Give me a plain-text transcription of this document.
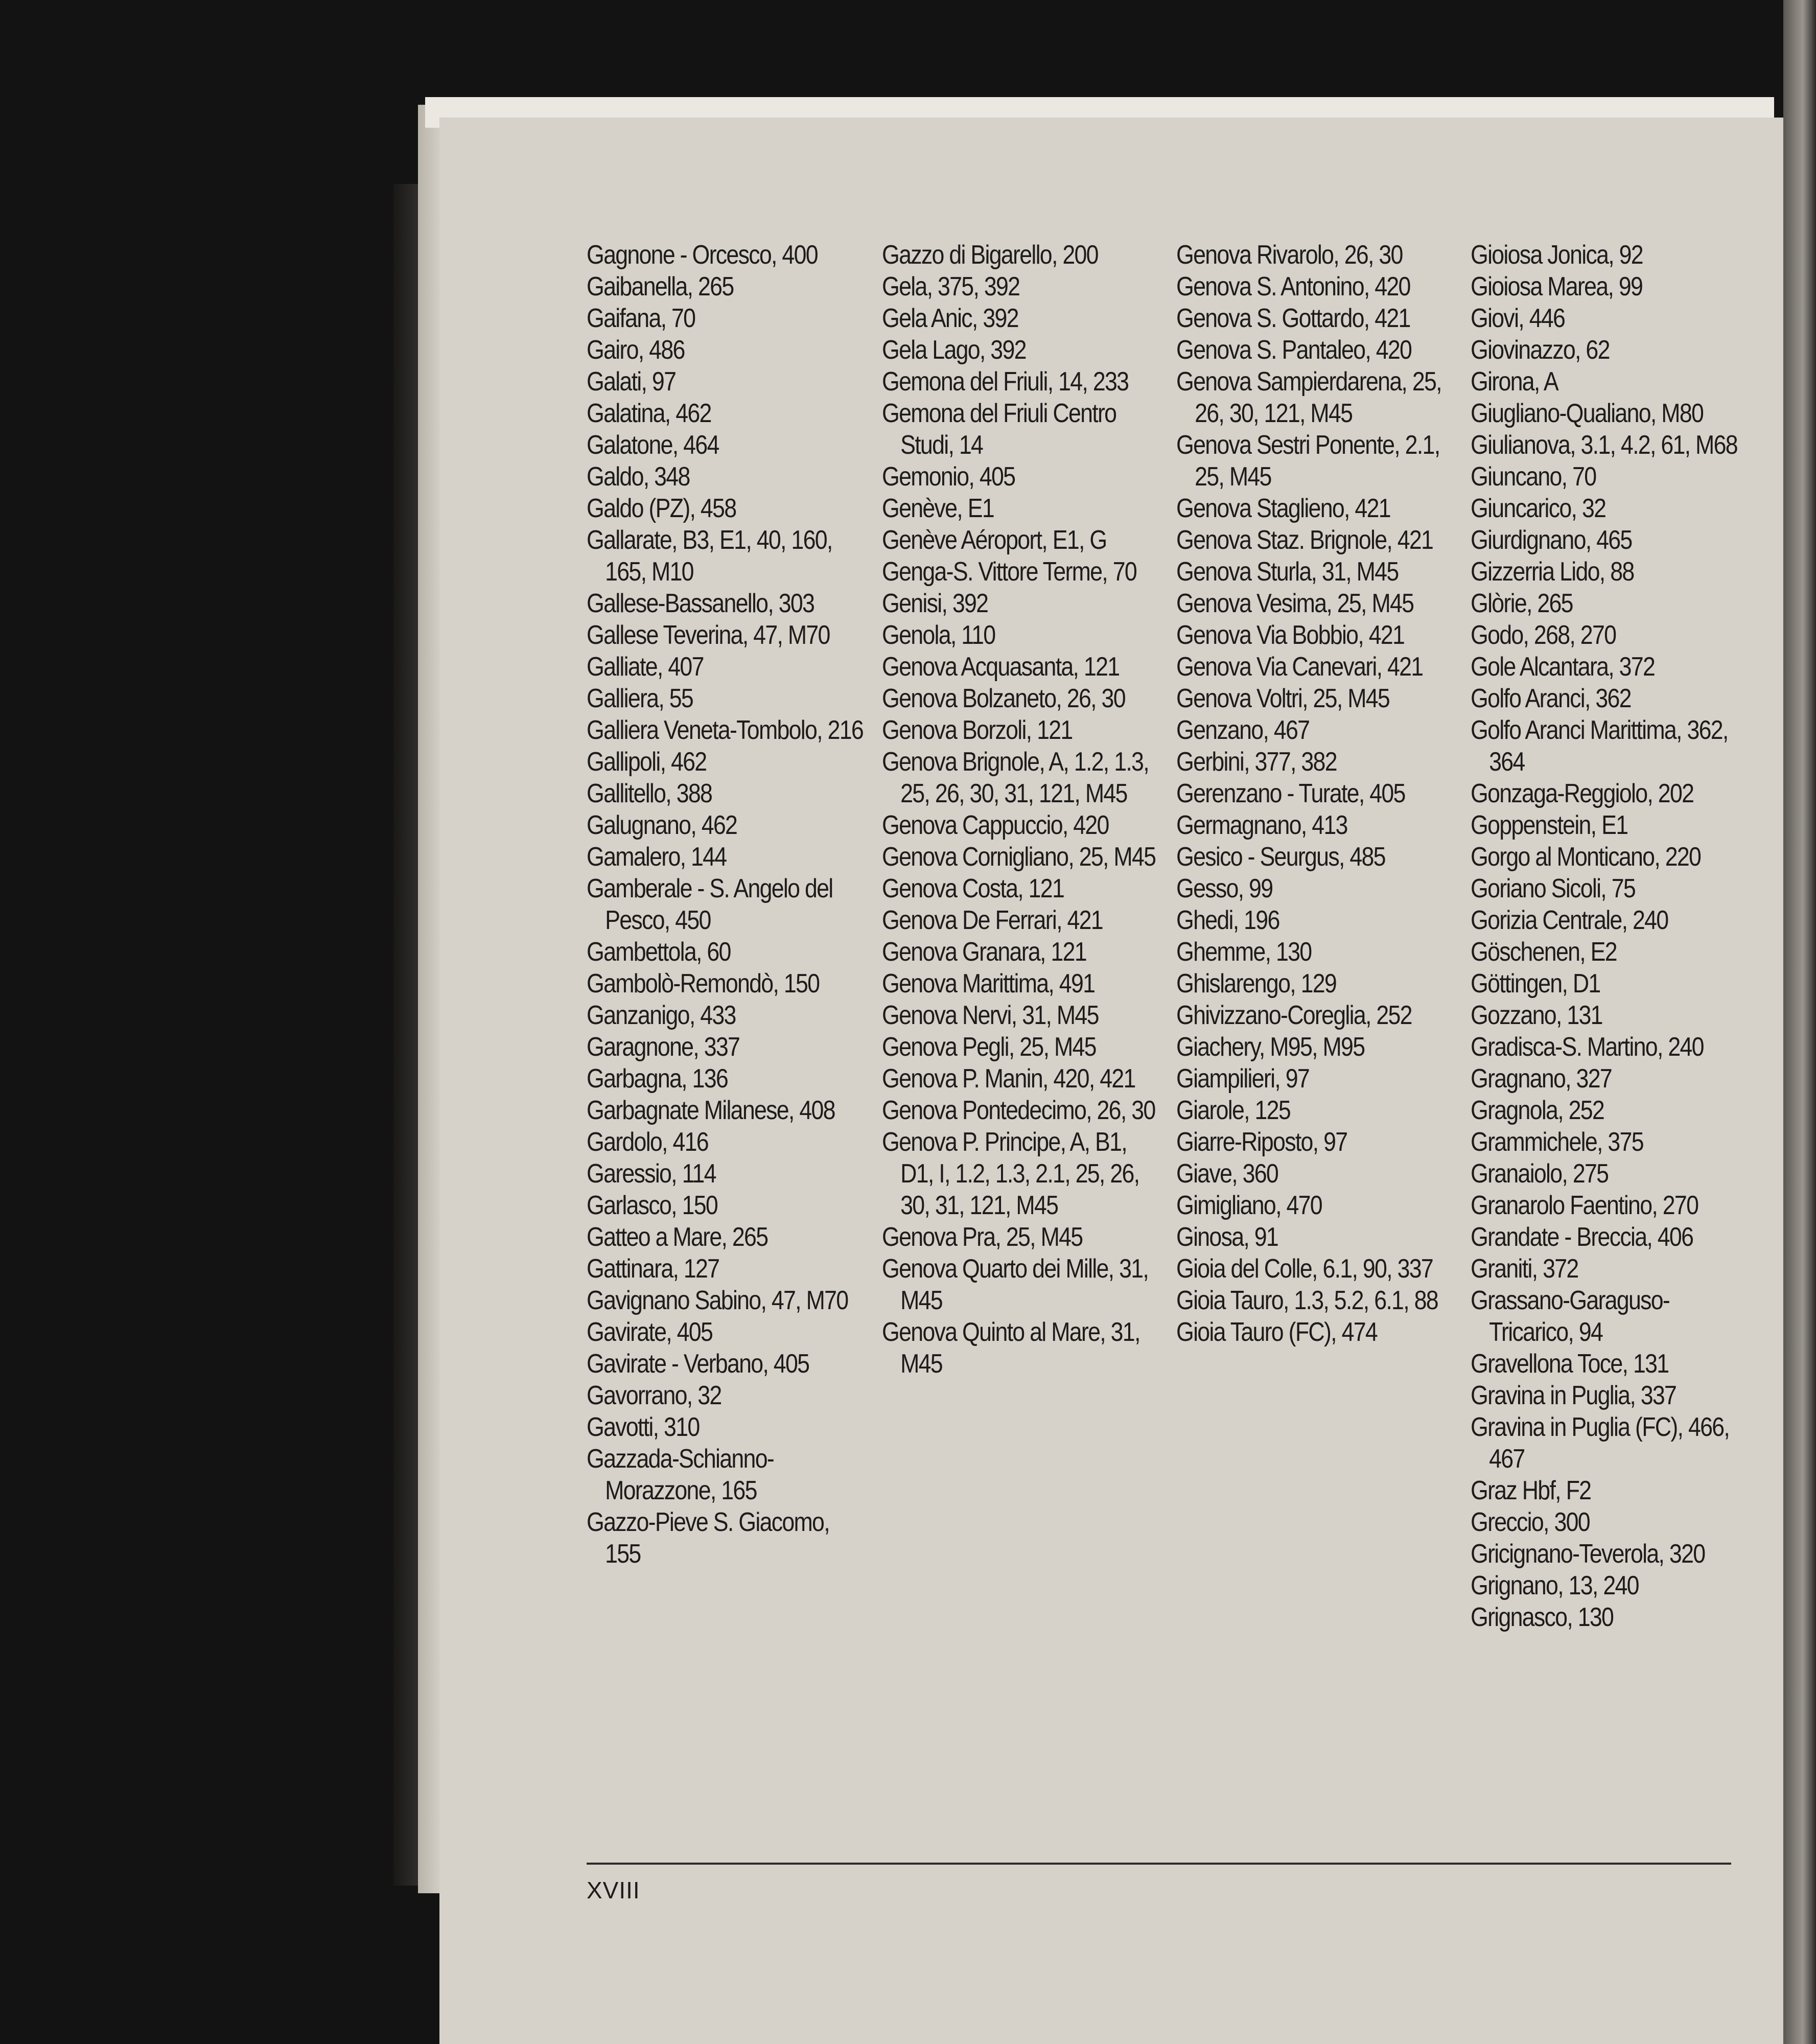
Gagnone - Orcesco, 400
Gaibanella, 265
Gaifana, 70
Gairo, 486
Galati, 97
Galatina, 462
Galatone, 464
Galdo, 348
Galdo (PZ), 458
Gallarate, B3, E1, 40, 160, 165, M10
Gallese-Bassanello, 303
Gallese Teverina, 47, M70
Galliate, 407
Galliera, 55
Galliera Veneta-Tombolo, 216
Gallipoli, 462
Gallitello, 388
Galugnano, 462
Gamalero, 144
Gamberale - S. Angelo del Pesco, 450
Gambettola, 60
Gambolò-Remondò, 150
Ganzanigo, 433
Garagnone, 337
Garbagna, 136
Garbagnate Milanese, 408
Gardolo, 416
Garessio, 114
Garlasco, 150
Gatteo a Mare, 265
Gattinara, 127
Gavignano Sabino, 47, M70
Gavirate, 405
Gavirate - Verbano, 405
Gavorrano, 32
Gavotti, 310
Gazzada-Schianno-Morazzone, 165
Gazzo-Pieve S. Giacomo, 155
Gazzo di Bigarello, 200
Gela, 375, 392
Gela Anic, 392
Gela Lago, 392
Gemona del Friuli, 14, 233
Gemona del Friuli Centro Studi, 14
Gemonio, 405
Genève, E1
Genève Aéroport, E1, G
Genga-S. Vittore Terme, 70
Genisi, 392
Genola, 110
Genova Acquasanta, 121
Genova Bolzaneto, 26, 30
Genova Borzoli, 121
Genova Brignole, A, 1.2, 1.3, 25, 26, 30, 31, 121, M45
Genova Cappuccio, 420
Genova Cornigliano, 25, M45
Genova Costa, 121
Genova De Ferrari, 421
Genova Granara, 121
Genova Marittima, 491
Genova Nervi, 31, M45
Genova Pegli, 25, M45
Genova P. Manin, 420, 421
Genova Pontedecimo, 26, 30
Genova P. Principe, A, B1, D1, I, 1.2, 1.3, 2.1, 25, 26, 30, 31, 121, M45
Genova Pra, 25, M45
Genova Quarto dei Mille, 31, M45
Genova Quinto al Mare, 31, M45
Genova Rivarolo, 26, 30
Genova S. Antonino, 420
Genova S. Gottardo, 421
Genova S. Pantaleo, 420
Genova Sampierdarena, 25, 26, 30, 121, M45
Genova Sestri Ponente, 2.1, 25, M45
Genova Staglieno, 421
Genova Staz. Brignole, 421
Genova Sturla, 31, M45
Genova Vesima, 25, M45
Genova Via Bobbio, 421
Genova Via Canevari, 421
Genova Voltri, 25, M45
Genzano, 467
Gerbini, 377, 382
Gerenzano - Turate, 405
Germagnano, 413
Gesico - Seurgus, 485
Gesso, 99
Ghedi, 196
Ghemme, 130
Ghislarengo, 129
Ghivizzano-Coreglia, 252
Giachery, M95, M95
Giampilieri, 97
Giarole, 125
Giarre-Riposto, 97
Giave, 360
Gimigliano, 470
Ginosa, 91
Gioia del Colle, 6.1, 90, 337
Gioia Tauro, 1.3, 5.2, 6.1, 88
Gioia Tauro (FC), 474
Gioiosa Jonica, 92
Gioiosa Marea, 99
Giovi, 446
Giovinazzo, 62
Girona, A
Giugliano-Qualiano, M80
Giulianova, 3.1, 4.2, 61, M68
Giuncano, 70
Giuncarico, 32
Giurdignano, 465
Gizzerria Lido, 88
Glòrie, 265
Godo, 268, 270
Gole Alcantara, 372
Golfo Aranci, 362
Golfo Aranci Marittima, 362, 364
Gonzaga-Reggiolo, 202
Goppenstein, E1
Gorgo al Monticano, 220
Goriano Sicoli, 75
Gorizia Centrale, 240
Göschenen, E2
Göttingen, D1
Gozzano, 131
Gradisca-S. Martino, 240
Gragnano, 327
Gragnola, 252
Grammichele, 375
Granaiolo, 275
Granarolo Faentino, 270
Grandate - Breccia, 406
Graniti, 372
Grassano-Garaguso-Tricarico, 94
Gravellona Toce, 131
Gravina in Puglia, 337
Gravina in Puglia (FC), 466, 467
Graz Hbf, F2
Greccio, 300
Gricignano-Teverola, 320
Grignano, 13, 240
Grignasco, 130
XVIII
